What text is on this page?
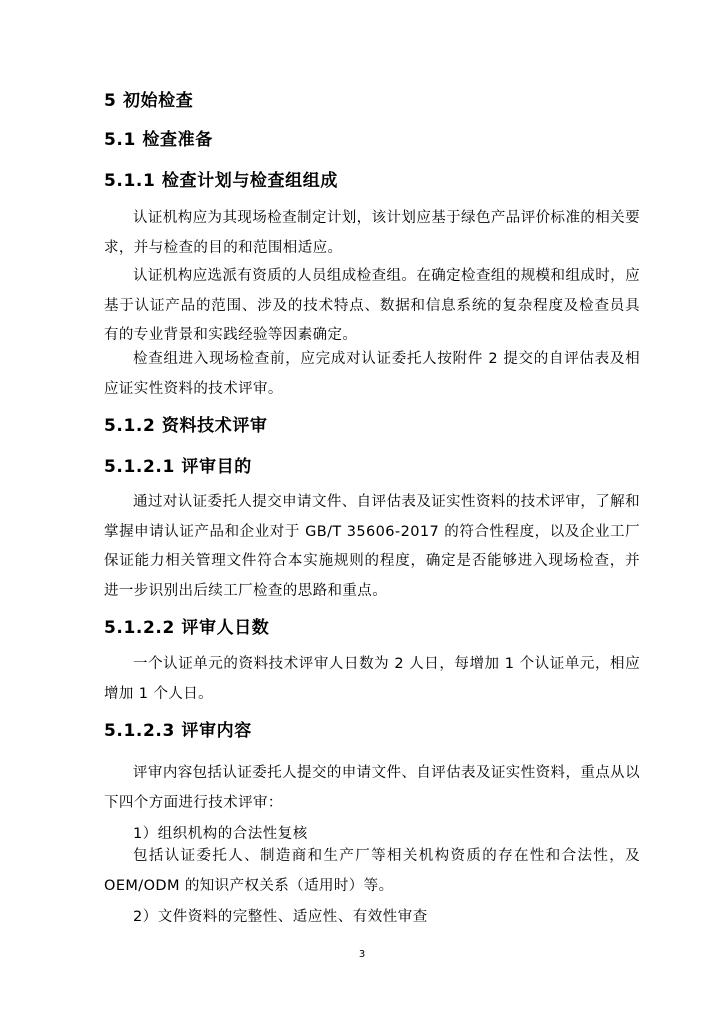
5 初始检查
5.1 检查准备
5.1.1 检查计划与检查组组成
认证机构应为其现场检查制定计划，该计划应基于绿色产品评价标准的相关要求，并与检查的目的和范围相适应。
认证机构应选派有资质的人员组成检查组。在确定检查组的规模和组成时，应基于认证产品的范围、涉及的技术特点、数据和信息系统的复杂程度及检查员具有的专业背景和实践经验等因素确定。
检查组进入现场检查前，应完成对认证委托人按附件 2 提交的自评估表及相应证实性资料的技术评审。
5.1.2 资料技术评审
5.1.2.1 评审目的
通过对认证委托人提交申请文件、自评估表及证实性资料的技术评审，了解和掌握申请认证产品和企业对于 GB/T 35606-2017 的符合性程度，以及企业工厂保证能力相关管理文件符合本实施规则的程度，确定是否能够进入现场检查，并进一步识别出后续工厂检查的思路和重点。
5.1.2.2 评审人日数
一个认证单元的资料技术评审人日数为 2 人日，每增加 1 个认证单元，相应增加 1 个人日。
5.1.2.3 评审内容
评审内容包括认证委托人提交的申请文件、自评估表及证实性资料，重点从以下四个方面进行技术评审：
1）组织机构的合法性复核
包括认证委托人、制造商和生产厂等相关机构资质的存在性和合法性，及 OEM/ODM 的知识产权关系（适用时）等。
2）文件资料的完整性、适应性、有效性审查
3
